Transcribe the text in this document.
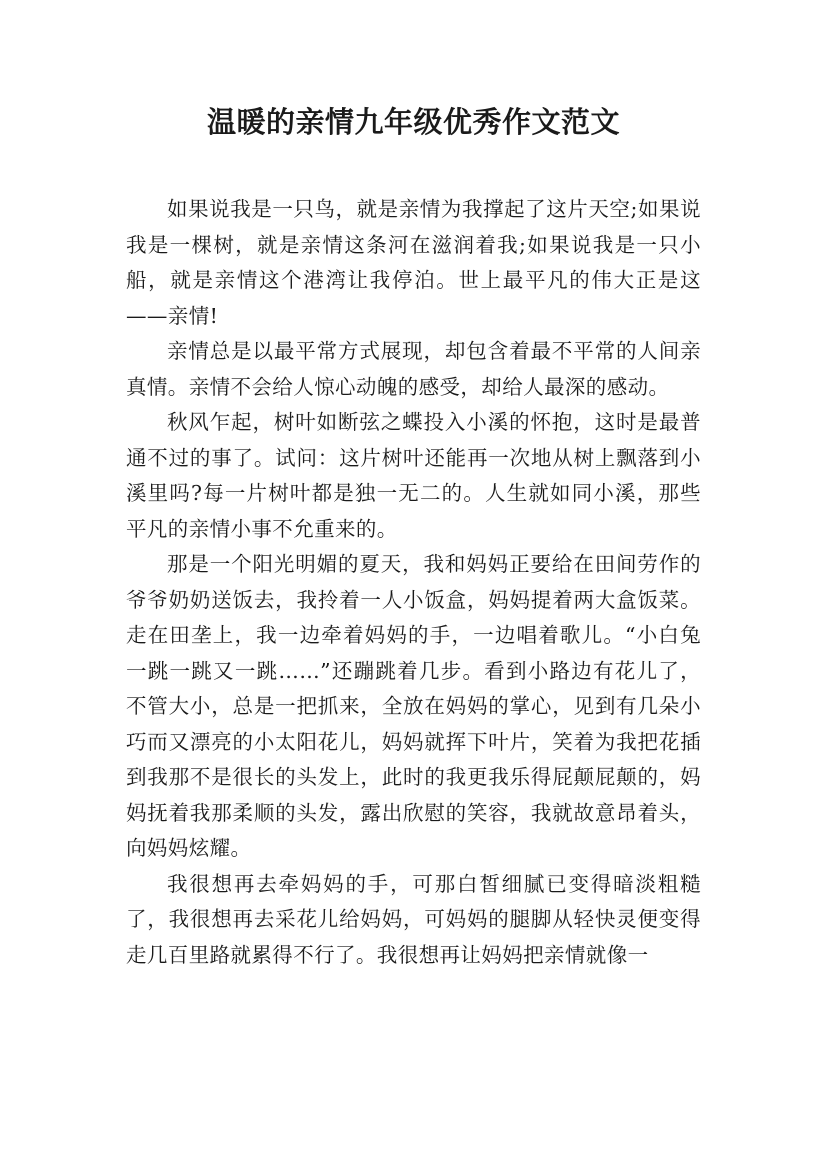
温暖的亲情九年级优秀作文范文

如果说我是一只鸟，就是亲情为我撑起了这片天空;如果说我是一棵树，就是亲情这条河在滋润着我;如果说我是一只小船，就是亲情这个港湾让我停泊。世上最平凡的伟大正是这——亲情!

亲情总是以最平常方式展现，却包含着最不平常的人间亲真情。亲情不会给人惊心动魄的感受，却给人最深的感动。

秋风乍起，树叶如断弦之蝶投入小溪的怀抱，这时是最普通不过的事了。试问：这片树叶还能再一次地从树上飘落到小溪里吗?每一片树叶都是独一无二的。人生就如同小溪，那些平凡的亲情小事不允重来的。

那是一个阳光明媚的夏天，我和妈妈正要给在田间劳作的爷爷奶奶送饭去，我拎着一人小饭盒，妈妈提着两大盒饭菜。走在田垄上，我一边牵着妈妈的手，一边唱着歌儿。“小白兔一跳一跳又一跳……”还蹦跳着几步。看到小路边有花儿了，不管大小，总是一把抓来，全放在妈妈的掌心，见到有几朵小巧而又漂亮的小太阳花儿，妈妈就挥下叶片，笑着为我把花插到我那不是很长的头发上，此时的我更我乐得屁颠屁颠的，妈妈抚着我那柔顺的头发，露出欣慰的笑容，我就故意昂着头，向妈妈炫耀。

我很想再去牵妈妈的手，可那白皙细腻已变得暗淡粗糙了，我很想再去采花儿给妈妈，可妈妈的腿脚从轻快灵便变得走几百里路就累得不行了。我很想再让妈妈把亲情就像一
